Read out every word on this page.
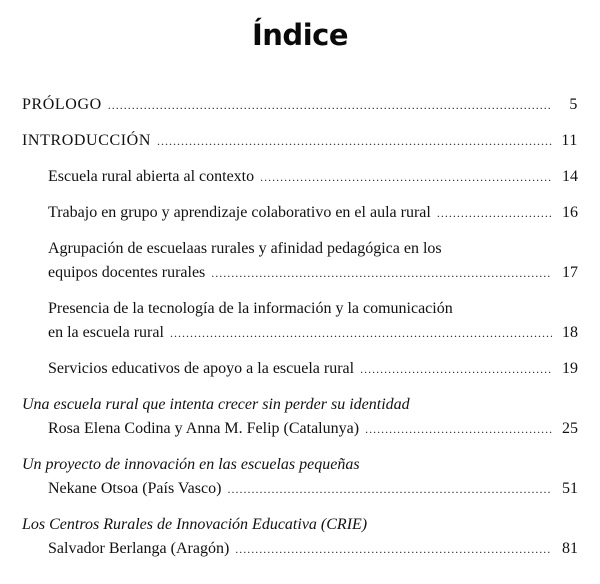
Índice
PRÓLOGO .....	5
INTRODUCCIÓN .....	11
Escuela rural abierta al contexto .....	14
Trabajo en grupo y aprendizaje colaborativo en el aula rural .....	16
Agrupación de escuelaas rurales y afinidad pedagógica en los
equipos docentes rurales .....	17
Presencia de la tecnología de la información y la comunicación
en la escuela rural .....	18
Servicios educativos de apoyo a la escuela rural .....	19
Una escuela rural que intenta crecer sin perder su identidad
Rosa Elena Codina y Anna M. Felip (Catalunya) .....	25
Un proyecto de innovación en las escuelas pequeñas
Nekane Otsoa (País Vasco) .....	51
Los Centros Rurales de Innovación Educativa (CRIE)
Salvador Berlanga (Aragón) .....	81
